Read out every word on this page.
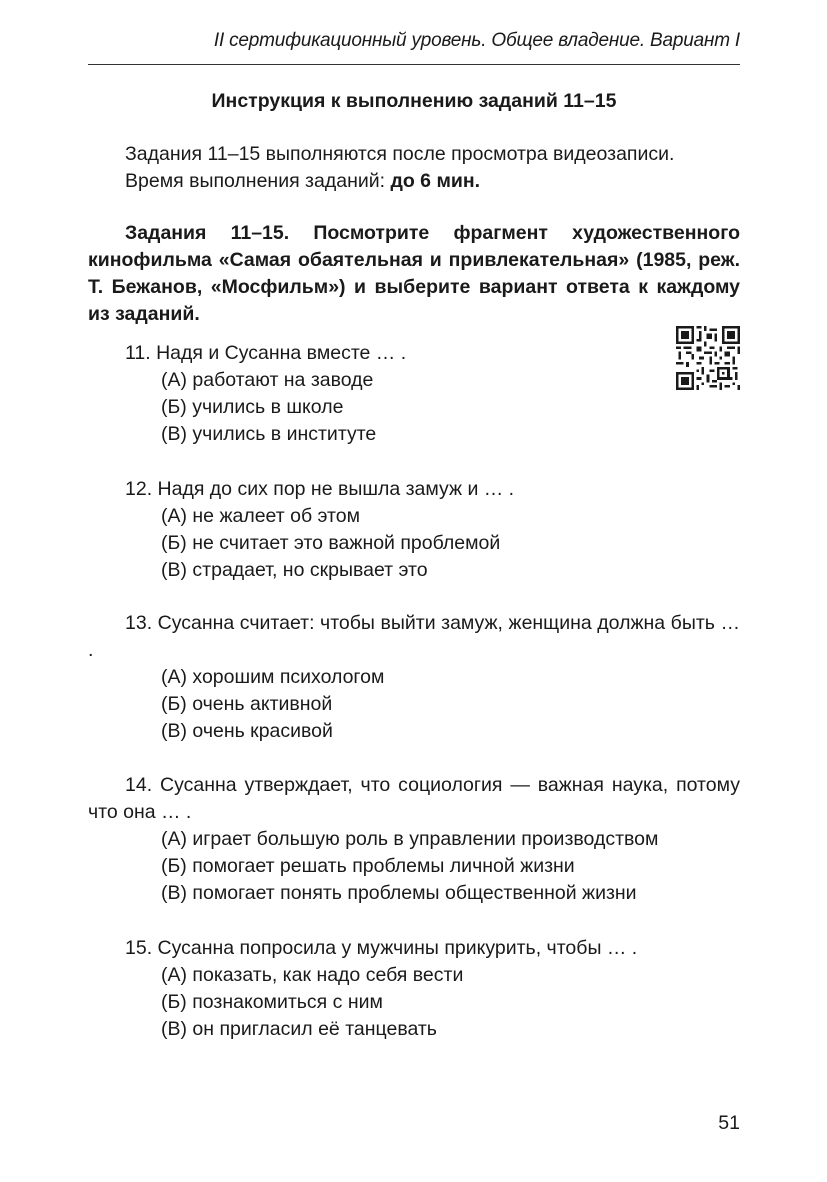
II сертификационный уровень. Общее владение. Вариант I
Инструкция к выполнению заданий 11–15
Задания 11–15 выполняются после просмотра видеозаписи.
Время выполнения заданий: до 6 мин.
Задания 11–15. Посмотрите фрагмент художественного кинофильма «Самая обаятельная и привлекательная» (1985, реж. Т. Бежанов, «Мосфильм») и выберите вариант ответа к каждому из заданий.
11. Надя и Сусанна вместе … .
(А) работают на заводе
(Б) учились в школе
(В) учились в институте
12. Надя до сих пор не вышла замуж и … .
(А) не жалеет об этом
(Б) не считает это важной проблемой
(В) страдает, но скрывает это
13. Сусанна считает: чтобы выйти замуж, женщина должна быть … .
(А) хорошим психологом
(Б) очень активной
(В) очень красивой
14. Сусанна утверждает, что социология — важная наука, потому что она … .
(А) играет большую роль в управлении производством
(Б) помогает решать проблемы личной жизни
(В) помогает понять проблемы общественной жизни
15. Сусанна попросила у мужчины прикурить, чтобы … .
(А) показать, как надо себя вести
(Б) познакомиться с ним
(В) он пригласил её танцевать
51
